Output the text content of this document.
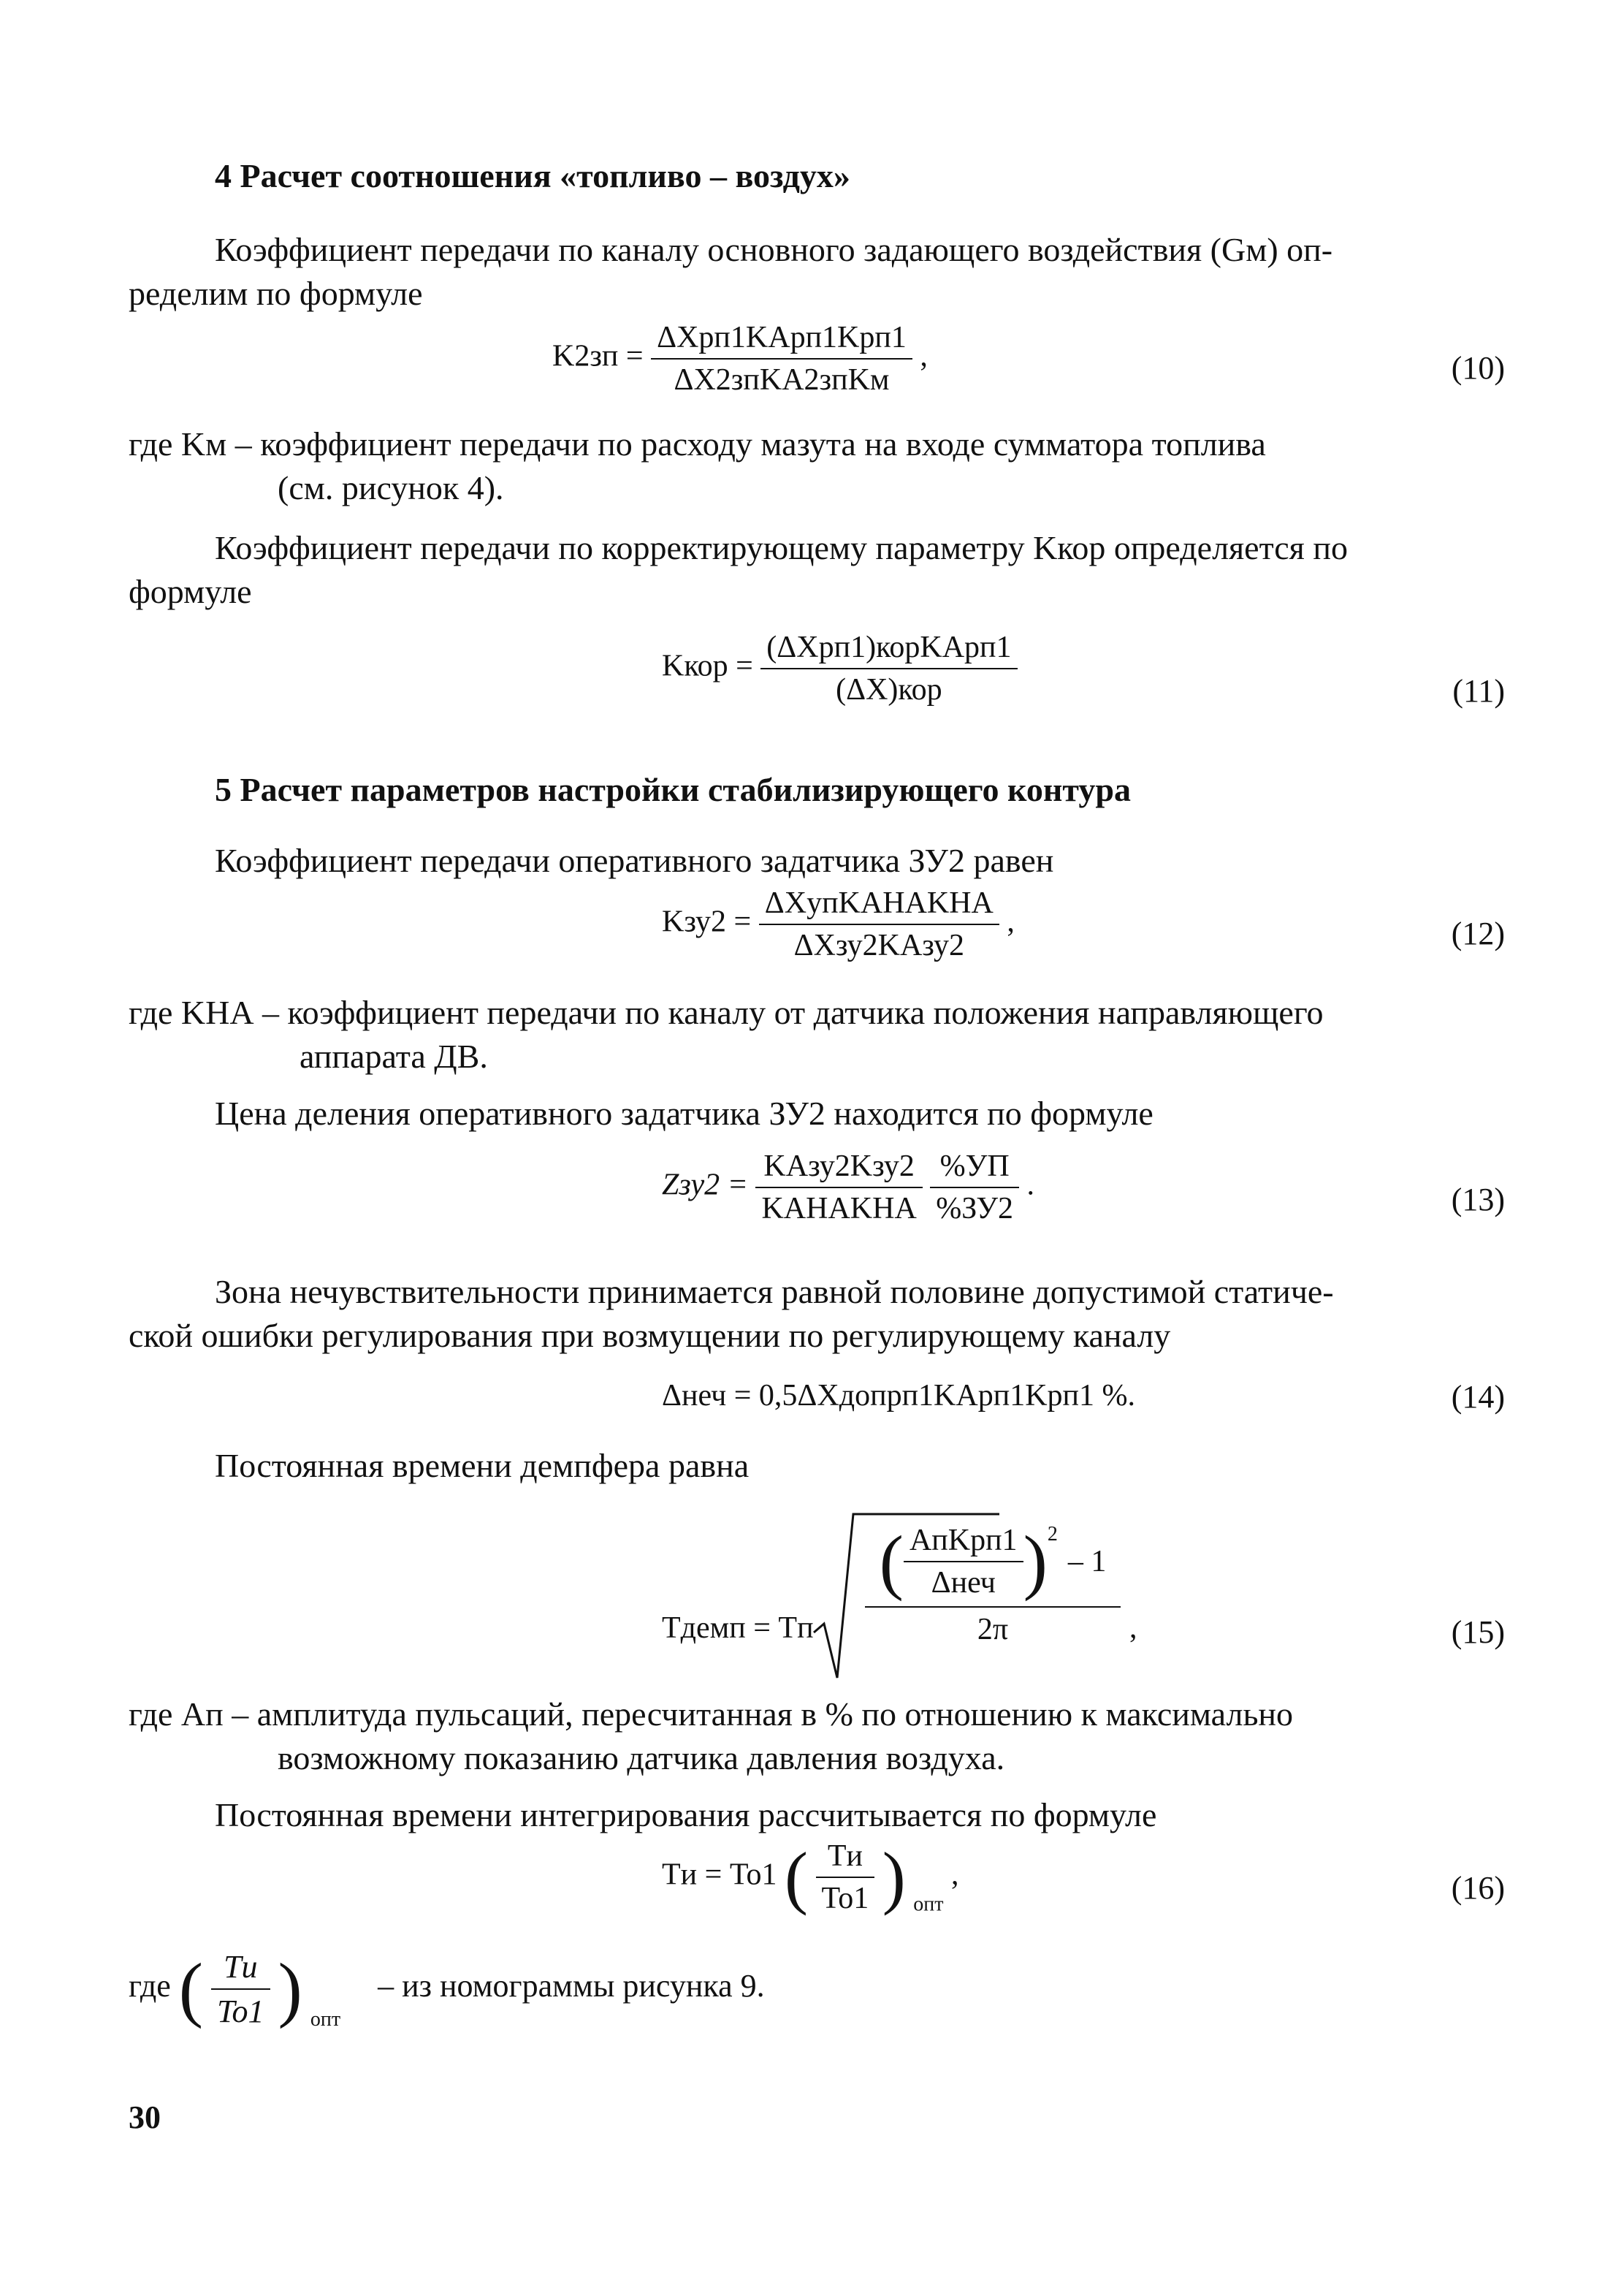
4 Расчет соотношения «топливо – воздух»
Коэффициент передачи по каналу основного задающего воздействия (Gм) оп-
ределим по формуле
$K2зп = \frac{\text{ΔXрп1KАрп1Kрп1}}{\text{ΔX2зпKА2зпKм}}$ ,	(10)
где Kм – коэффициент передачи по расходу мазута на входе сумматора топлива
(см. рисунок 4).
Коэффициент передачи по корректирующему параметру Kкор определяется по
формуле
Kкор = $\frac{\text{(ΔXрп1)корKАрп1}}{\text{(ΔX)кор}}$	(11)
5 Расчет параметров настройки стабилизирующего контура
Коэффициент передачи оперативного задатчика ЗУ2 равен
$Kзу2 = \frac{\text{ΔXупKАНАKНА}}{\text{ΔXзу2KАзу2}}$ ,	(12)
где KНА – коэффициент передачи по каналу от датчика положения направляющего
аппарата ДВ.
Цена деления оперативного задатчика ЗУ2 находится по формуле
$Zзу2 = \frac{\text{KАзу2Kзу2}}{\text{KАНАKНА}}$
$\frac{\%УП}{\%ЗУ2}$ .	(13)
Зона нечувствительности принимается равной половине допустимой статиче-
ской ошибки регулирования при возмущении по регулирующему каналу
Δнеч = 0,5ΔXдопрп1KАрп1Kрп1 %.	(14)
Постоянная времени демпфера равна
Tдемп = Tп
( $\frac{\text{AпKрп1}}{\text{Δнеч}}$ ) 2
– 1
2π	,	(15)
где Aп – амплитуда пульсаций, пересчитанная в % по отношению к максимально
возможному показанию датчика давления воздуха.
Постоянная времени интегрирования рассчитывается по формуле
Tи = To1 ( $\frac{Tи}{To1}$ ) $_{опт}$ ,	(16)
где ( $\frac{Tи}{To1}$ ) $_{опт}$ – из номограммы рисунка 9.
30
